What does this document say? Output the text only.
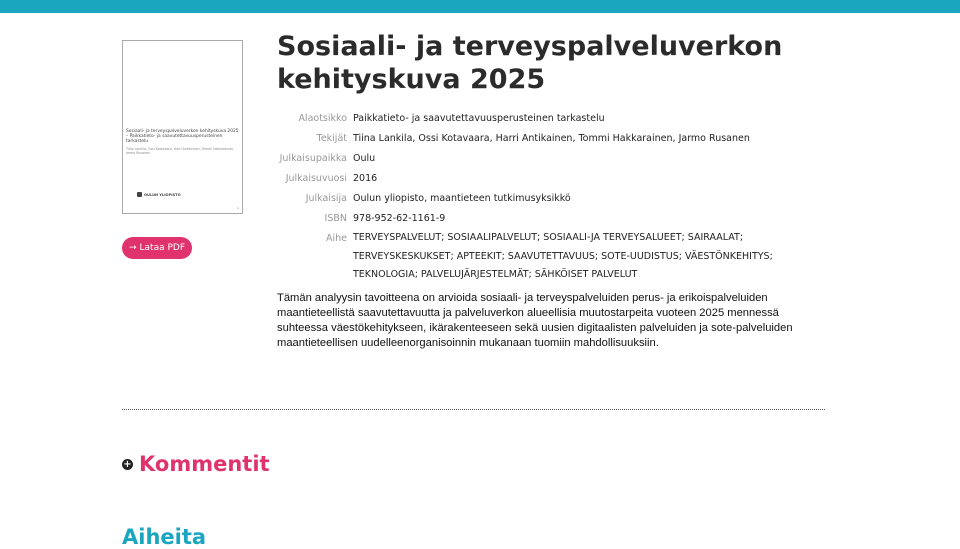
Sosiaali- ja terveyspalveluverkon kehityskuva 2025 – Paikkatieto- ja saavutettavuusperusteinen tarkastelu
Tiina Lankila, Ossi Kotavaara, Harri Antikainen, Tommi Hakkarainen, Jarmo Rusanen
OULUN YLIOPISTO
1
→ Lataa PDF
Sosiaali- ja terveyspalveluverkon kehityskuva 2025
Alaotsikko Paikkatieto- ja saavutettavuusperusteinen tarkastelu
Tekijät Tiina Lankila, Ossi Kotavaara, Harri Antikainen, Tommi Hakkarainen, Jarmo Rusanen
Julkaisupaikka Oulu
Julkaisuvuosi 2016
Julkaisija Oulun yliopisto, maantieteen tutkimusyksikkö
ISBN 978-952-62-1161-9
Aihe TERVEYSPALVELUT; SOSIAALIPALVELUT; SOSIAALI-JA TERVEYSALUEET; SAIRAALAT; TERVEYSKESKUKSET; APTEEKIT; SAAVUTETTAVUUS; SOTE-UUDISTUS; VÄESTÖNKEHITYS; TEKNOLOGIA; PALVELUJÄRJESTELMÄT; SÄHKÖISET PALVELUT

Tämän analyysin tavoitteena on arvioida sosiaali- ja terveyspalveluiden perus- ja erikoispalveluiden maantieteellistä saavutettavuutta ja palveluverkon alueellisia muutostarpeita vuoteen 2025 mennessä suhteessa väestökehitykseen, ikärakenteeseen sekä uusien digitaalisten palveluiden ja sote-palveluiden maantieteellisen uudelleenorganisoinnin mukanaan tuomiin mahdollisuuksiin.

+ Kommentit
Aiheita
